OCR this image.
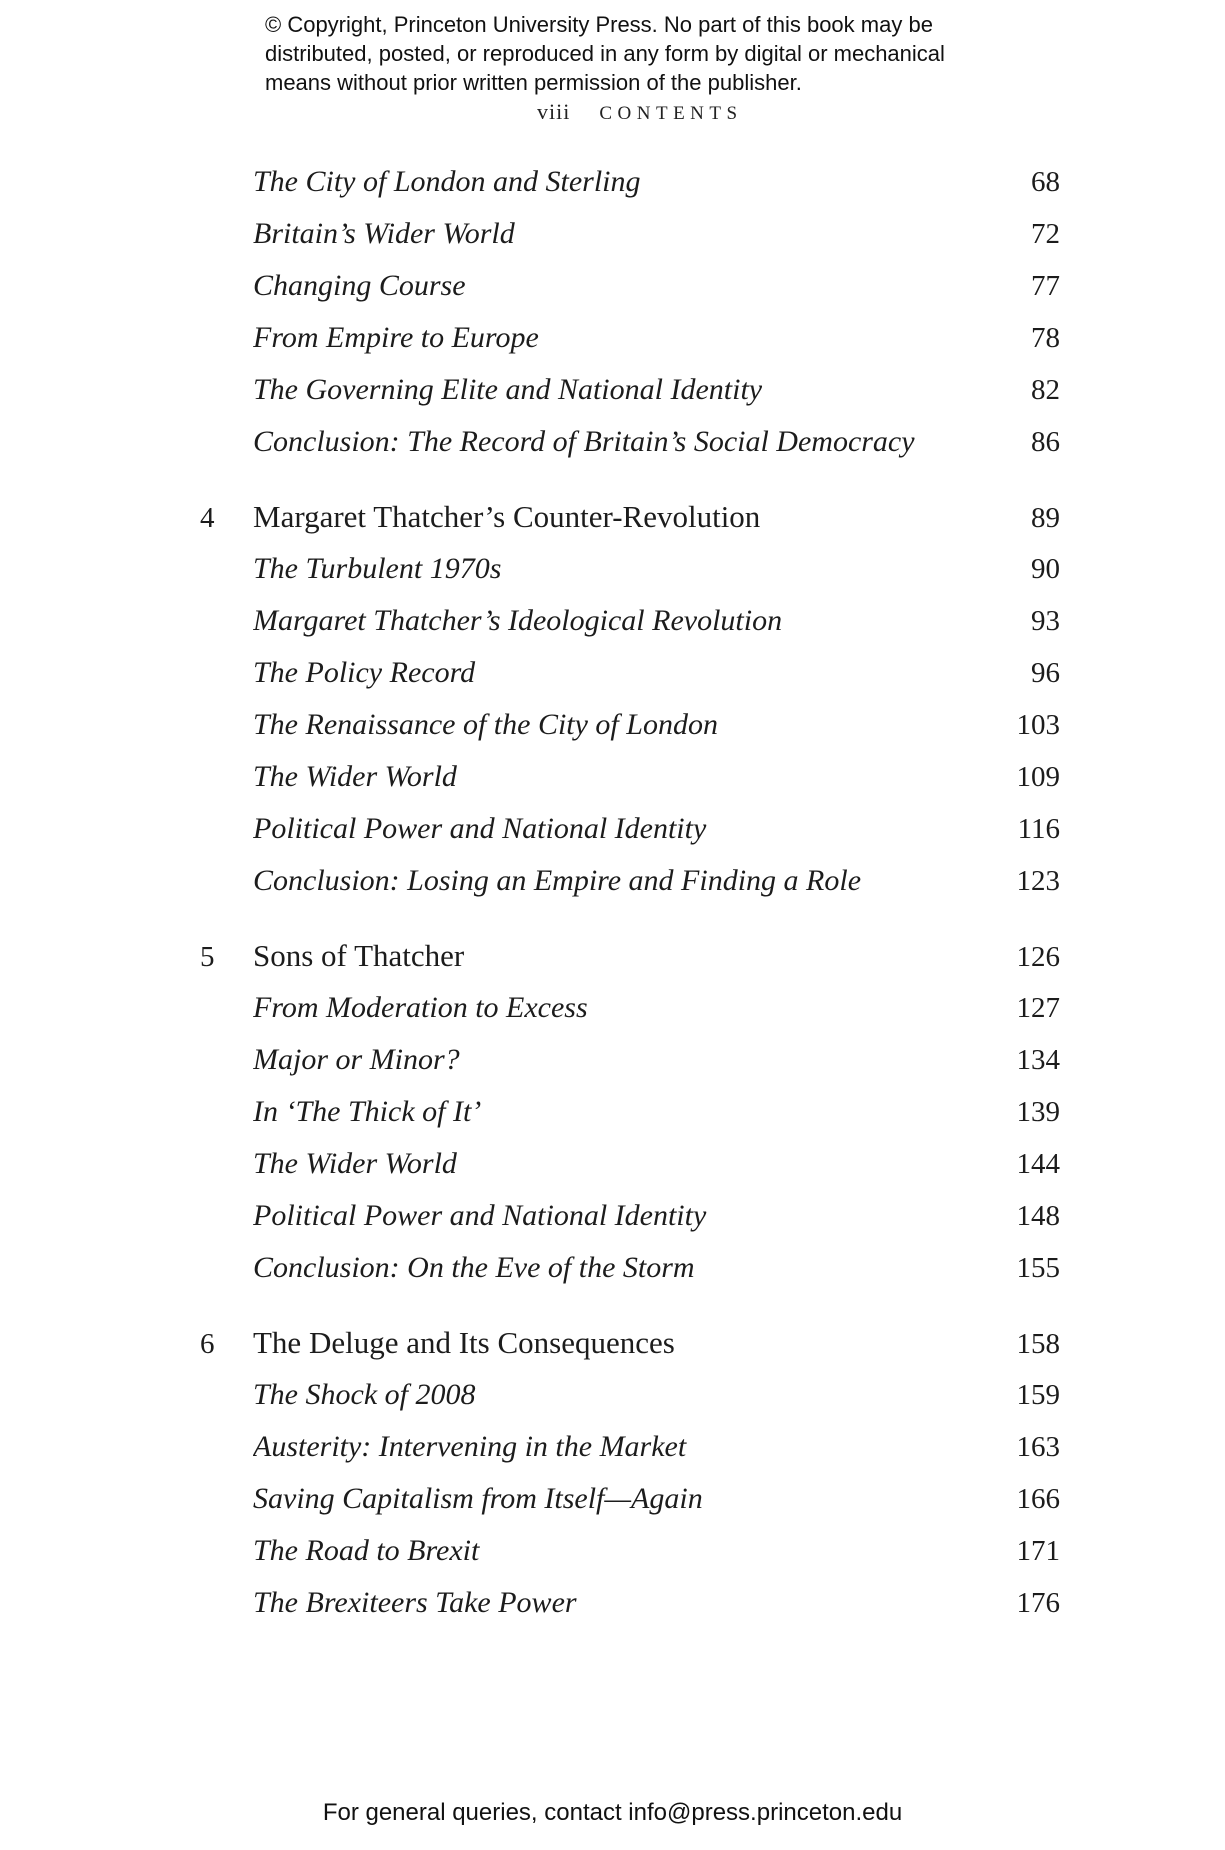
© Copyright, Princeton University Press. No part of this book may be
distributed, posted, or reproduced in any form by digital or mechanical
means without prior written permission of the publisher.
viii CONTENTS
The City of London and Sterling	68
Britain’s Wider World	72
Changing Course	77
From Empire to Europe	78
The Governing Elite and National Identity	82
Conclusion: The Record of Britain’s Social Democracy	86
4	Margaret Thatcher’s Counter-Revolution	89
The Turbulent 1970s	90
Margaret Thatcher’s Ideological Revolution	93
The Policy Record	96
The Renaissance of the City of London	103
The Wider World	109
Political Power and National Identity	116
Conclusion: Losing an Empire and Finding a Role	123
5	Sons of Thatcher	126
From Moderation to Excess	127
Major or Minor?	134
In ‘The Thick of It’	139
The Wider World	144
Political Power and National Identity	148
Conclusion: On the Eve of the Storm	155
6	The Deluge and Its Consequences	158
The Shock of 2008	159
Austerity: Intervening in the Market	163
Saving Capitalism from Itself—Again	166
The Road to Brexit	171
The Brexiteers Take Power	176
For general queries, contact info@press.princeton.edu
